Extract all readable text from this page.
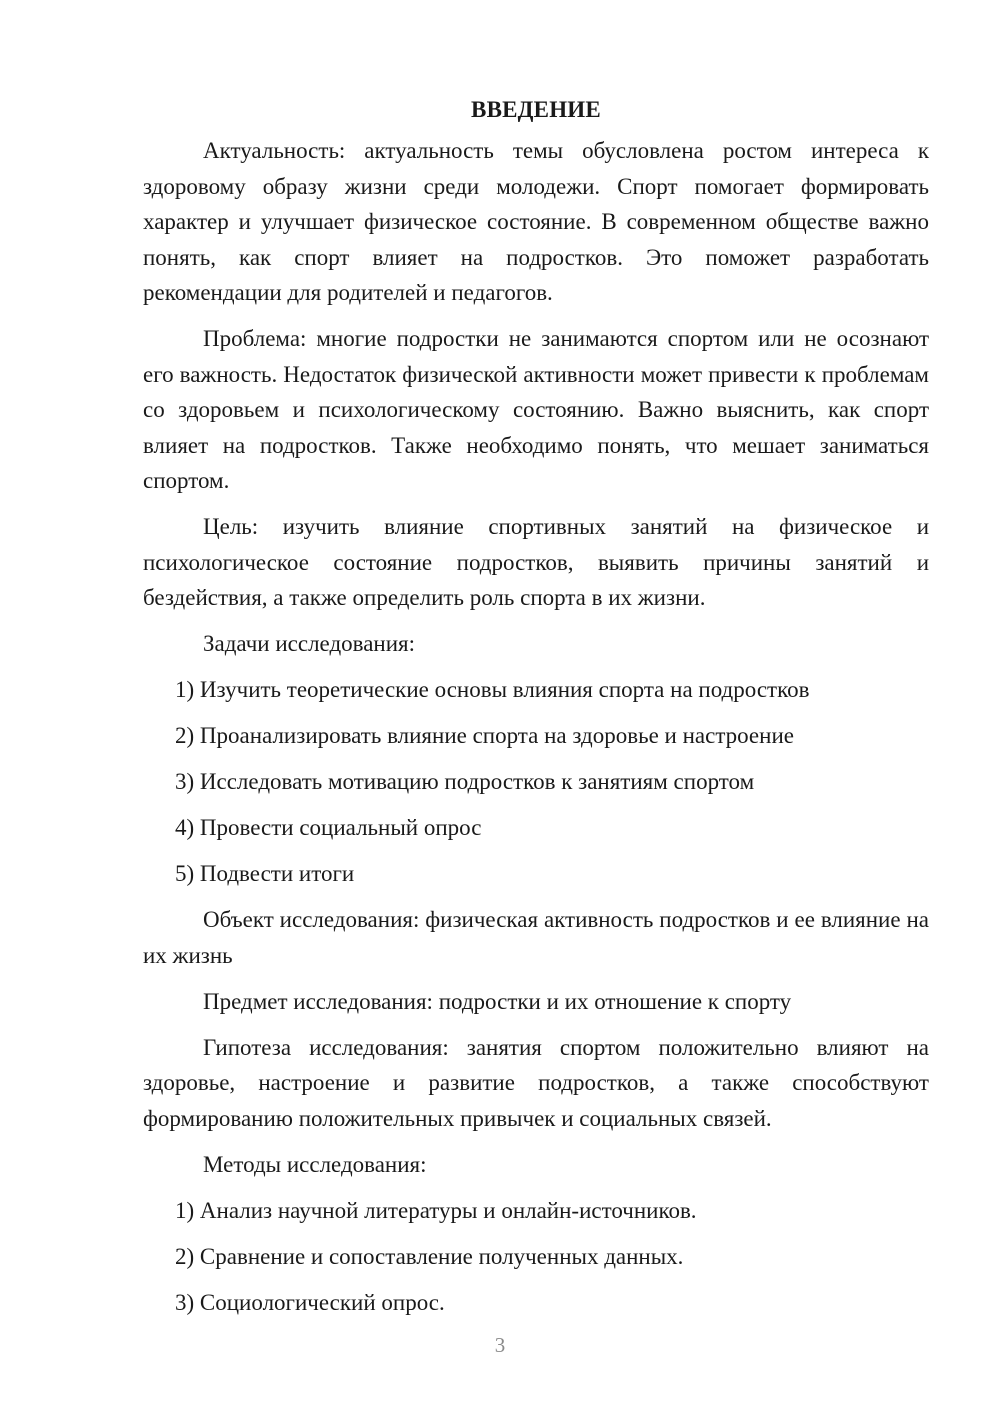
ВВЕДЕНИЕ

Актуальность: актуальность темы обусловлена ростом интереса к здоровому образу жизни среди молодежи. Спорт помогает формировать характер и улучшает физическое состояние. В современном обществе важно понять, как спорт влияет на подростков. Это поможет разработать рекомендации для родителей и педагогов.

Проблема: многие подростки не занимаются спортом или не осознают его важность. Недостаток физической активности может привести к проблемам со здоровьем и психологическому состоянию. Важно выяснить, как спорт влияет на подростков. Также необходимо понять, что мешает заниматься спортом.

Цель: изучить влияние спортивных занятий на физическое и психологическое состояние подростков, выявить причины занятий и бездействия, а также определить роль спорта в их жизни.

Задачи исследования:

1) Изучить теоретические основы влияния спорта на подростков
2) Проанализировать влияние спорта на здоровье и настроение
3) Исследовать мотивацию подростков к занятиям спортом
4) Провести социальный опрос
5) Подвести итоги

Объект исследования: физическая активность подростков и ее влияние на их жизнь

Предмет исследования: подростки и их отношение к спорту

Гипотеза исследования: занятия спортом положительно влияют на здоровье, настроение и развитие подростков, а также способствуют формированию положительных привычек и социальных связей.

Методы исследования:

1) Анализ научной литературы и онлайн-источников.
2) Сравнение и сопоставление полученных данных.
3) Социологический опрос.
3
